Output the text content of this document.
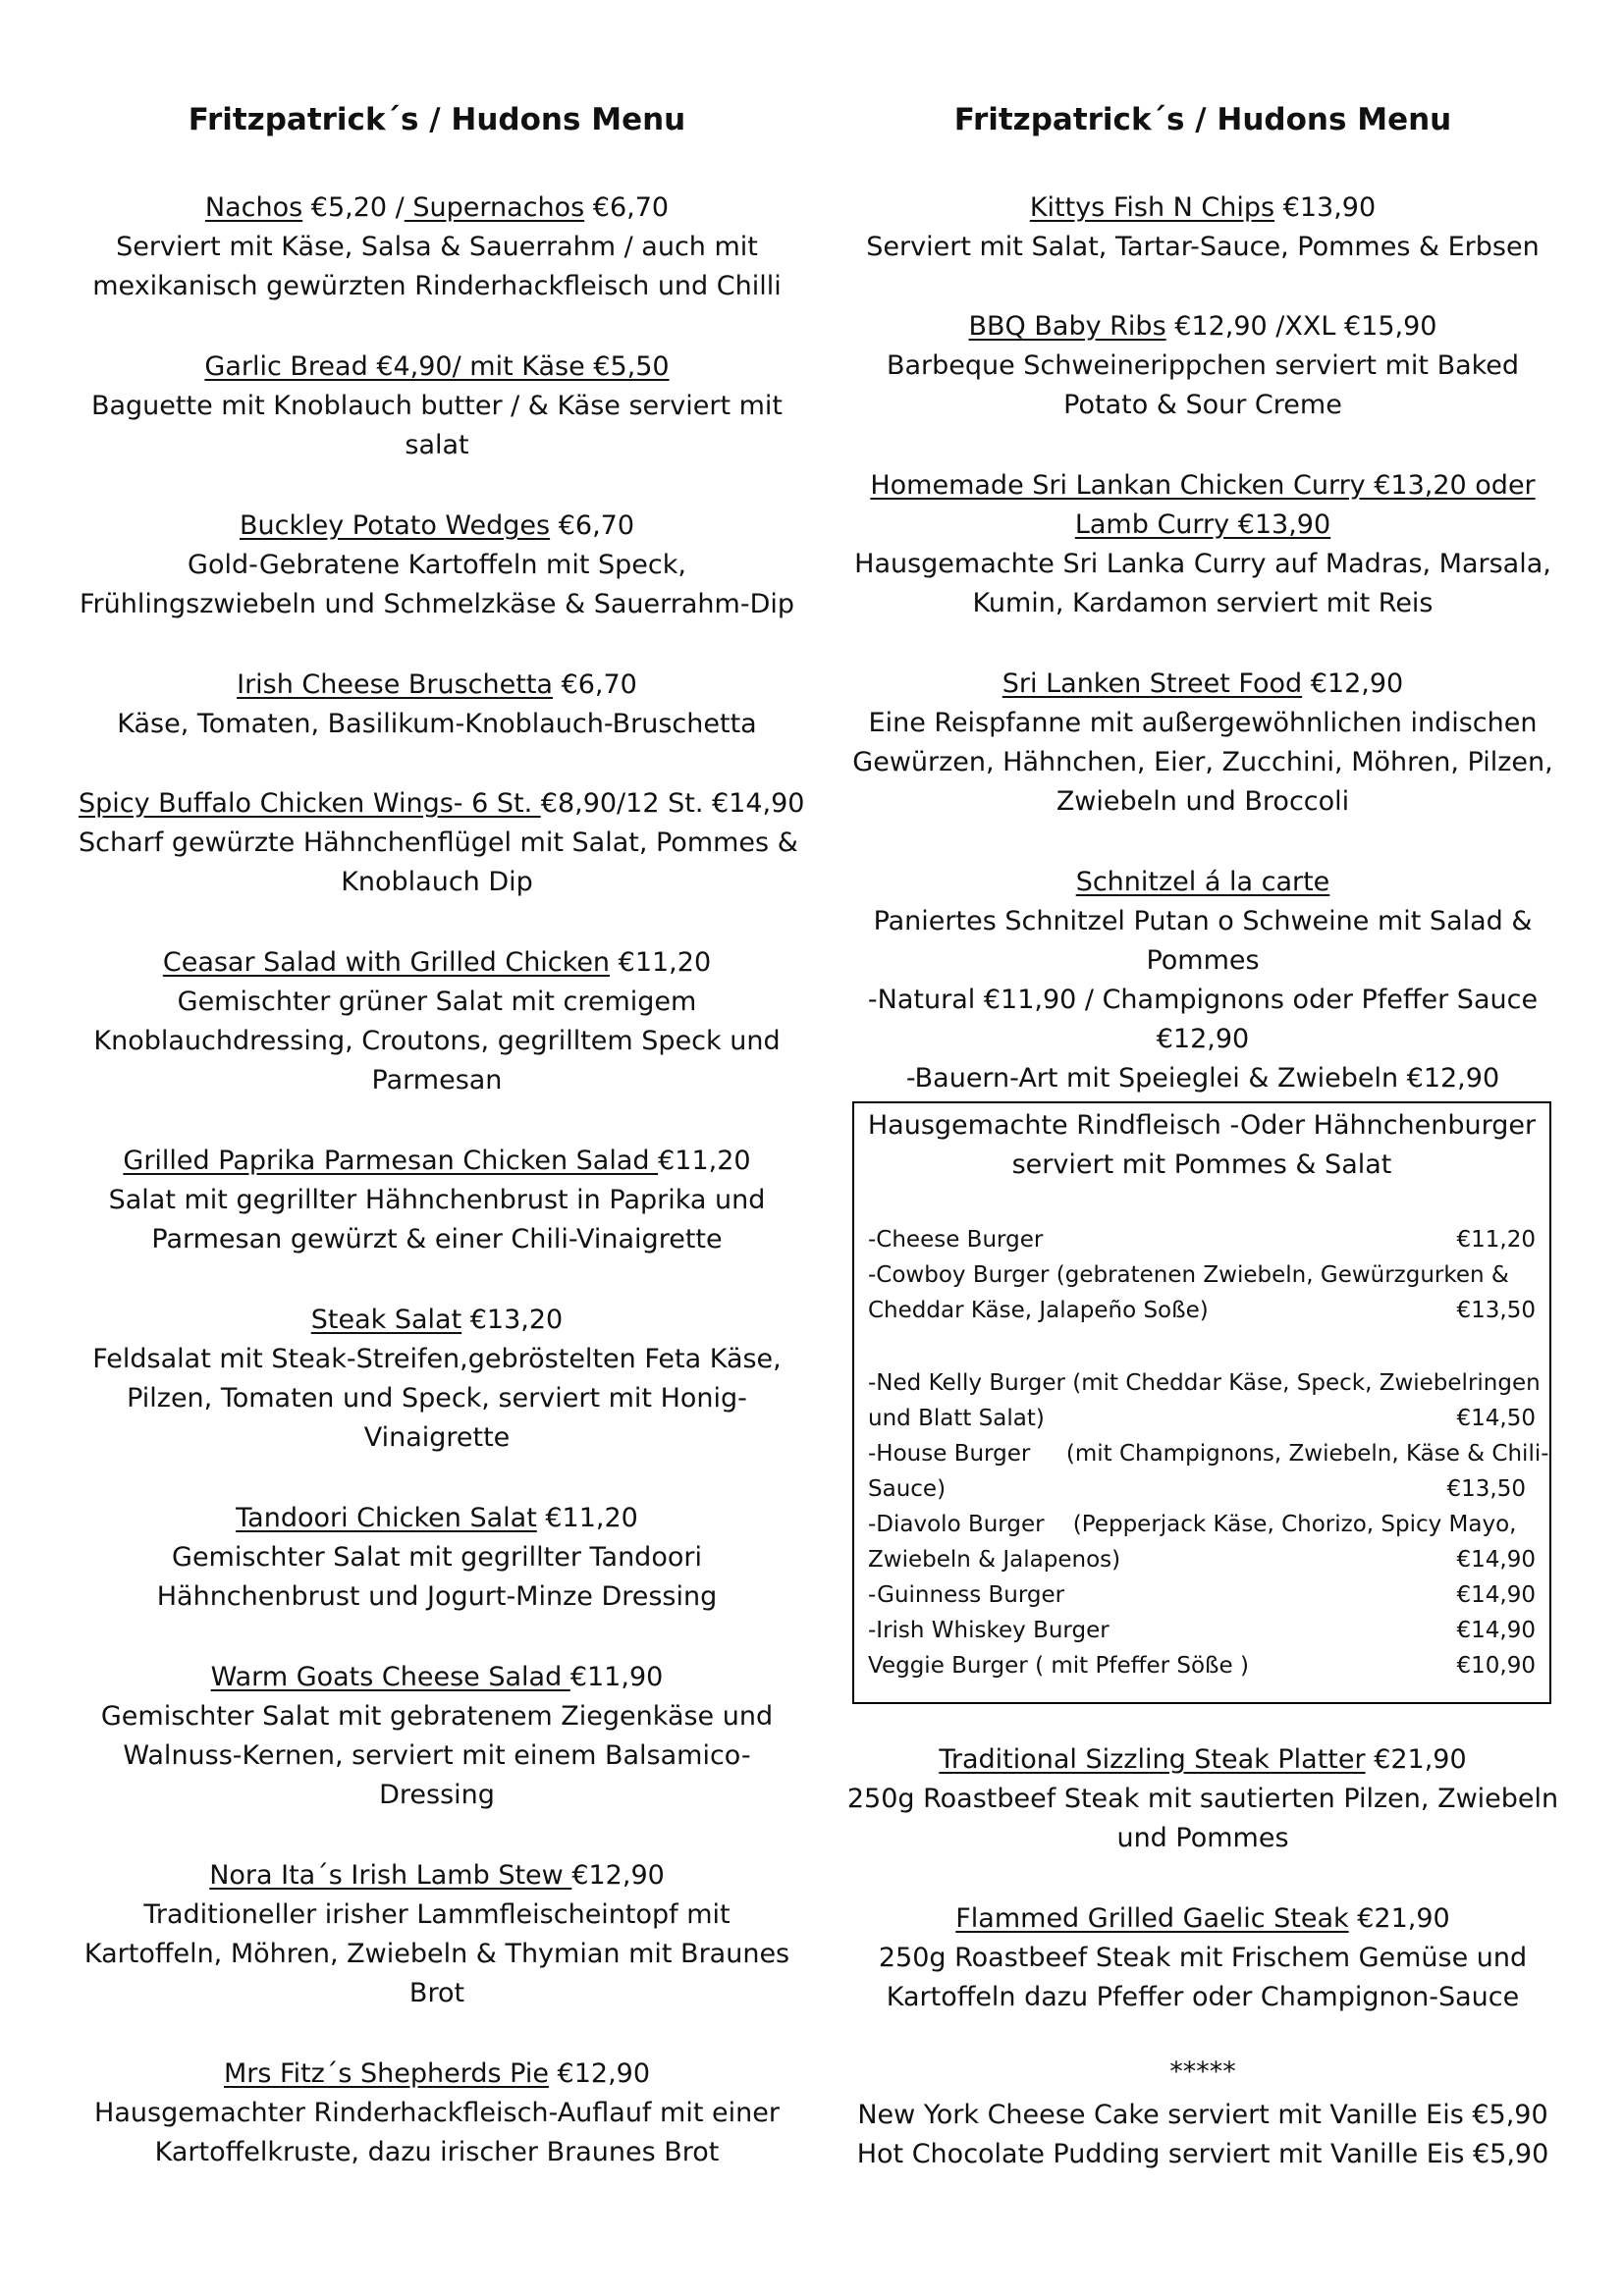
Fritzpatrick´s / Hudons Menu
Nachos €5,20 / Supernachos €6,70
Serviert mit Käse, Salsa & Sauerrahm / auch mit
mexikanisch gewürzten Rinderhackfleisch und Chilli
Garlic Bread €4,90/ mit Käse €5,50
Baguette mit Knoblauch butter / & Käse serviert mit
salat
Buckley Potato Wedges €6,70
Gold-Gebratene Kartoffeln mit Speck,
Frühlingszwiebeln und Schmelzkäse & Sauerrahm-Dip
Irish Cheese Bruschetta €6,70
Käse, Tomaten, Basilikum-Knoblauch-Bruschetta
Spicy Buffalo Chicken Wings- 6 St. €8,90/12 St. €14,90
Scharf gewürzte Hähnchenflügel mit Salat, Pommes &
Knoblauch Dip
Ceasar Salad with Grilled Chicken €11,20
Gemischter grüner Salat mit cremigem
Knoblauchdressing, Croutons, gegrilltem Speck und
Parmesan
Grilled Paprika Parmesan Chicken Salad €11,20
Salat mit gegrillter Hähnchenbrust in Paprika und
Parmesan gewürzt & einer Chili-Vinaigrette
Steak Salat €13,20
Feldsalat mit Steak-Streifen,gebröstelten Feta Käse,
Pilzen, Tomaten und Speck, serviert mit Honig-
Vinaigrette
Tandoori Chicken Salat €11,20
Gemischter Salat mit gegrillter Tandoori
Hähnchenbrust und Jogurt-Minze Dressing
Warm Goats Cheese Salad €11,90
Gemischter Salat mit gebratenem Ziegenkäse und
Walnuss-Kernen, serviert mit einem Balsamico-
Dressing
Nora Ita´s Irish Lamb Stew €12,90
Traditioneller irisher Lammfleischeintopf mit
Kartoffeln, Möhren, Zwiebeln & Thymian mit Braunes
Brot
Mrs Fitz´s Shepherds Pie €12,90
Hausgemachter Rinderhackfleisch-Auflauf mit einer
Kartoffelkruste, dazu irischer Braunes Brot
Fritzpatrick´s / Hudons Menu
Kittys Fish N Chips €13,90
Serviert mit Salat, Tartar-Sauce, Pommes & Erbsen
BBQ Baby Ribs €12,90 /XXL €15,90
Barbeque Schweinerippchen serviert mit Baked
Potato & Sour Creme
Homemade Sri Lankan Chicken Curry €13,20 oder
Lamb Curry €13,90
Hausgemachte Sri Lanka Curry auf Madras, Marsala,
Kumin, Kardamon serviert mit Reis
Sri Lanken Street Food €12,90
Eine Reispfanne mit außergewöhnlichen indischen
Gewürzen, Hähnchen, Eier, Zucchini, Möhren, Pilzen,
Zwiebeln und Broccoli
Schnitzel á la carte
Paniertes Schnitzel Putan o Schweine mit Salad &
Pommes
-Natural €11,90 / Champignons oder Pfeffer Sauce
€12,90
-Bauern-Art mit Speieglei & Zwiebeln €12,90
Traditional Sizzling Steak Platter €21,90
250g Roastbeef Steak mit sautierten Pilzen, Zwiebeln
und Pommes
Flammed Grilled Gaelic Steak €21,90
250g Roastbeef Steak mit Frischem Gemüse und
Kartoffeln dazu Pfeffer oder Champignon-Sauce
*****
New York Cheese Cake serviert mit Vanille Eis €5,90
Hot Chocolate Pudding serviert mit Vanille Eis €5,90
Hausgemachte Rindfleisch -Oder Hähnchenburger
serviert mit Pommes & Salat
-Cheese Burger	€11,20
-Cowboy Burger (gebratenen Zwiebeln, Gewürzgurken &
Cheddar Käse, Jalapeño Soße)	€13,50
-Ned Kelly Burger (mit Cheddar Käse, Speck, Zwiebelringen
und Blatt Salat)	€14,50
-House Burger     (mit Champignons, Zwiebeln, Käse & Chili-
Sauce)	€13,50
-Diavolo Burger    (Pepperjack Käse, Chorizo, Spicy Mayo,
Zwiebeln & Jalapenos)	€14,90
-Guinness Burger	€14,90
-Irish Whiskey Burger	€14,90
Veggie Burger ( mit Pfeffer Söße )	€10,90
